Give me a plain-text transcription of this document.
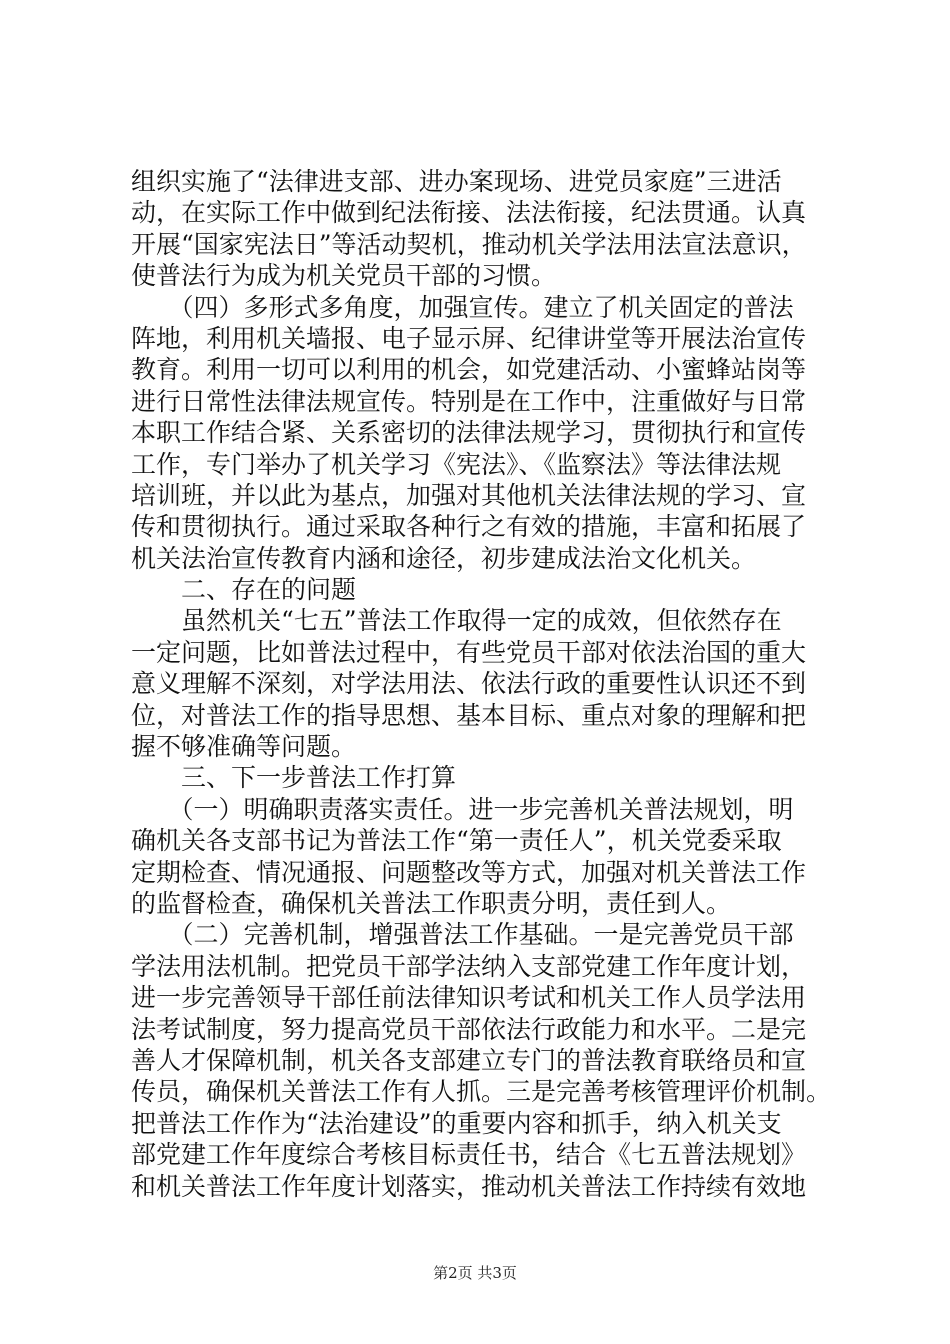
组织实施了“法律进支部、进办案现场、进党员家庭”三进活
动，在实际工作中做到纪法衔接、法法衔接，纪法贯通。认真
开展“国家宪法日”等活动契机，推动机关学法用法宣法意识，
使普法行为成为机关党员干部的习惯。
　　（四）多形式多角度，加强宣传。建立了机关固定的普法
阵地，利用机关墙报、电子显示屏、纪律讲堂等开展法治宣传
教育。利用一切可以利用的机会，如党建活动、小蜜蜂站岗等
进行日常性法律法规宣传。特别是在工作中，注重做好与日常
本职工作结合紧、关系密切的法律法规学习，贯彻执行和宣传
工作，专门举办了机关学习《宪法》、《监察法》等法律法规
培训班，并以此为基点，加强对其他机关法律法规的学习、宣
传和贯彻执行。通过采取各种行之有效的措施，丰富和拓展了
机关法治宣传教育内涵和途径，初步建成法治文化机关。
　　二、存在的问题
　　虽然机关“七五”普法工作取得一定的成效，但依然存在
一定问题，比如普法过程中，有些党员干部对依法治国的重大
意义理解不深刻，对学法用法、依法行政的重要性认识还不到
位，对普法工作的指导思想、基本目标、重点对象的理解和把
握不够准确等问题。
　　三、下一步普法工作打算
　　（一）明确职责落实责任。进一步完善机关普法规划，明
确机关各支部书记为普法工作“第一责任人”，机关党委采取
定期检查、情况通报、问题整改等方式，加强对机关普法工作
的监督检查，确保机关普法工作职责分明，责任到人。
　　（二）完善机制，增强普法工作基础。一是完善党员干部
学法用法机制。把党员干部学法纳入支部党建工作年度计划，
进一步完善领导干部任前法律知识考试和机关工作人员学法用
法考试制度，努力提高党员干部依法行政能力和水平。二是完
善人才保障机制，机关各支部建立专门的普法教育联络员和宣
传员，确保机关普法工作有人抓。三是完善考核管理评价机制。
把普法工作作为“法治建设”的重要内容和抓手，纳入机关支
部党建工作年度综合考核目标责任书，结合《七五普法规划》
和机关普法工作年度计划落实，推动机关普法工作持续有效地
第2页 共3页
